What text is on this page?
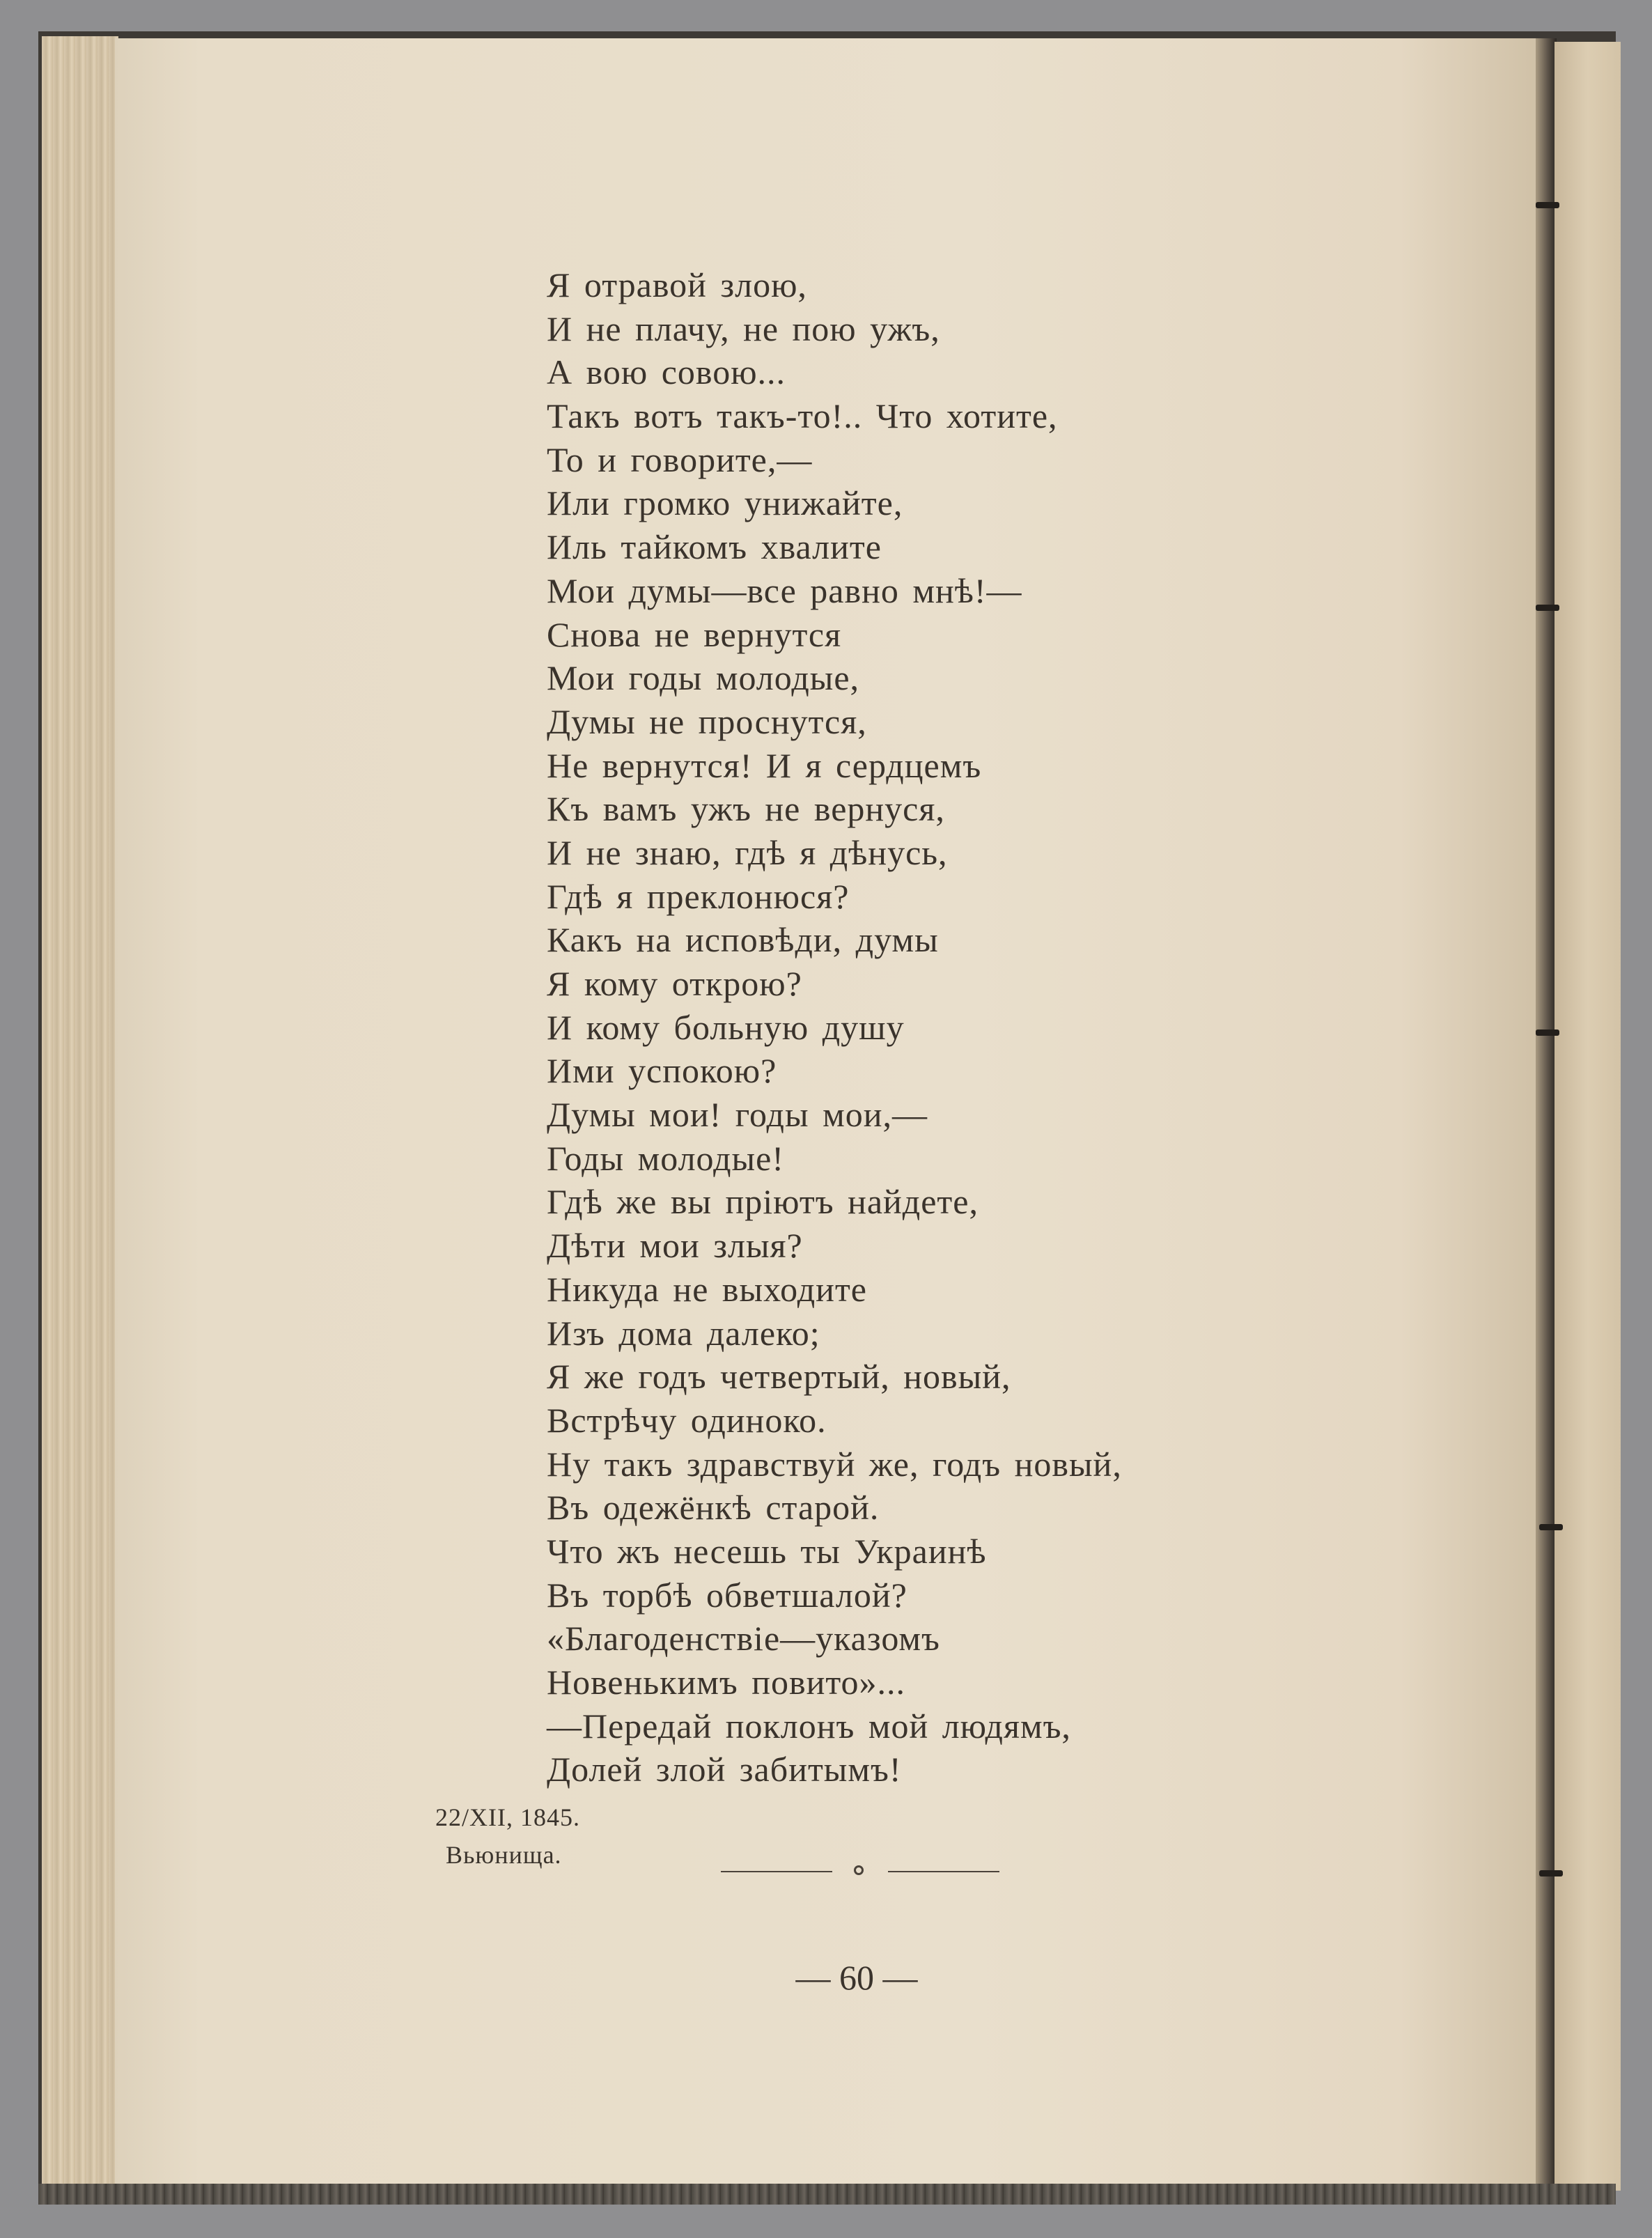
Я отравой злою,
И не плачу, не пою ужъ,
А вою совою...
Такъ вотъ такъ-то!.. Что хотите,
То и говорите,—
Или громко унижайте,
Иль тайкомъ хвалите
Мои думы—все равно мнѣ!—
Снова не вернутся
Мои годы молодые,
Думы не проснутся,
Не вернутся! И я сердцемъ
Къ вамъ ужъ не вернуся,
И не знаю, гдѣ я дѣнусь,
Гдѣ я преклонюся?
Какъ на исповѣди, думы
Я кому открою?
И кому больную душу
Ими успокою?
Думы мои! годы мои,—
Годы молодые!
Гдѣ же вы пріютъ найдете,
Дѣти мои злыя?
Никуда не выходите
Изъ дома далеко;
Я же годъ четвертый, новый,
Встрѣчу одиноко.
Ну такъ здравствуй же, годъ новый,
Въ одежёнкѣ старой.
Что жъ несешь ты Украинѣ
Въ торбѣ обветшалой?
«Благоденствіе—указомъ
Новенькимъ повито»...
—Передай поклонъ мой людямъ,
Долей злой забитымъ!
22/XII, 1845.
Вьюнища.
— 60 —
